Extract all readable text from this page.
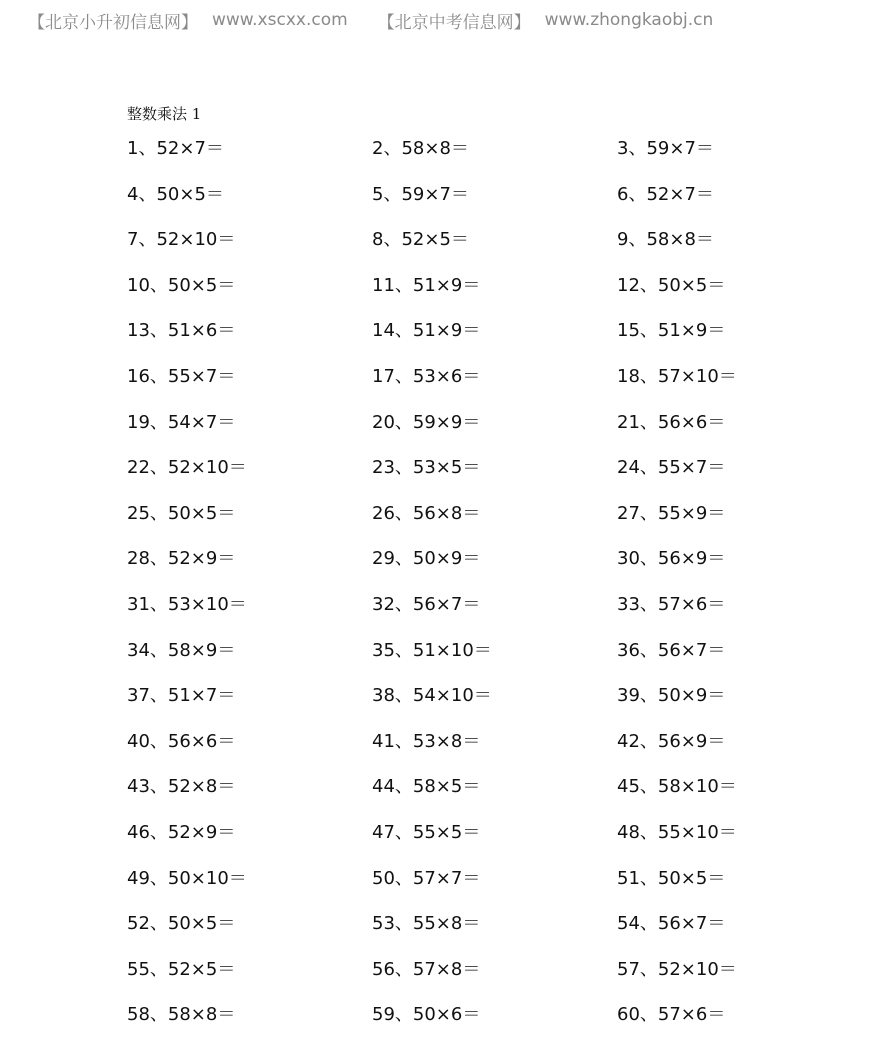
【北京小升初信息网】 www.xscxx.com 【北京中考信息网】 www.zhongkaobj.cn
整数乘法 1
1、52×7＝	2、58×8＝	3、59×7＝
4、50×5＝	5、59×7＝	6、52×7＝
7、52×10＝	8、52×5＝	9、58×8＝
10、50×5＝	11、51×9＝	12、50×5＝
13、51×6＝	14、51×9＝	15、51×9＝
16、55×7＝	17、53×6＝	18、57×10＝
19、54×7＝	20、59×9＝	21、56×6＝
22、52×10＝	23、53×5＝	24、55×7＝
25、50×5＝	26、56×8＝	27、55×9＝
28、52×9＝	29、50×9＝	30、56×9＝
31、53×10＝	32、56×7＝	33、57×6＝
34、58×9＝	35、51×10＝	36、56×7＝
37、51×7＝	38、54×10＝	39、50×9＝
40、56×6＝	41、53×8＝	42、56×9＝
43、52×8＝	44、58×5＝	45、58×10＝
46、52×9＝	47、55×5＝	48、55×10＝
49、50×10＝	50、57×7＝	51、50×5＝
52、50×5＝	53、55×8＝	54、56×7＝
55、52×5＝	56、57×8＝	57、52×10＝
58、58×8＝	59、50×6＝	60、57×6＝
